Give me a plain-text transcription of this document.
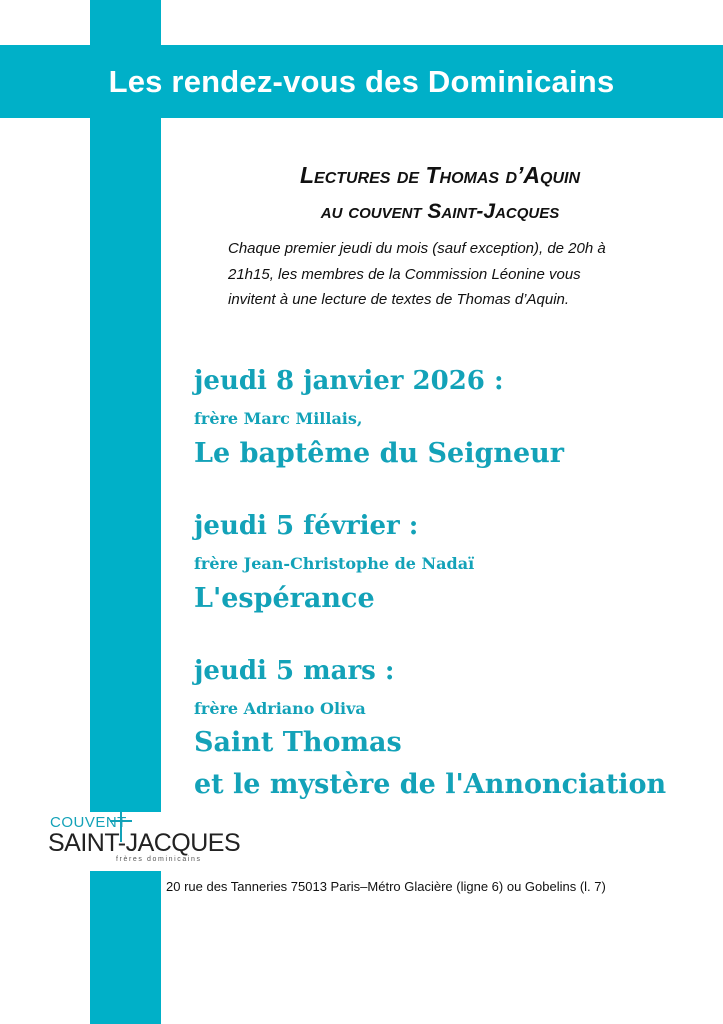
Les rendez-vous des Dominicains
Lectures de Thomas d’Aquin
au couvent Saint-Jacques
Chaque premier jeudi du mois (sauf exception), de 20h à 21h15, les membres de la Commission Léonine vous invitent à une lecture de textes de Thomas d’Aquin.
jeudi 8 janvier 2026 :
frère Marc Millais,
Le baptême du Seigneur
jeudi 5 février :
frère Jean-Christophe de Nadaï
L'espérance
jeudi 5 mars :
frère Adriano Oliva
Saint Thomas
et le mystère de l'Annonciation
COUVENT
SAINT-JACQUES
frères dominicains
20 rue des Tanneries 75013 Paris–Métro Glacière (ligne 6) ou Gobelins (l. 7)
